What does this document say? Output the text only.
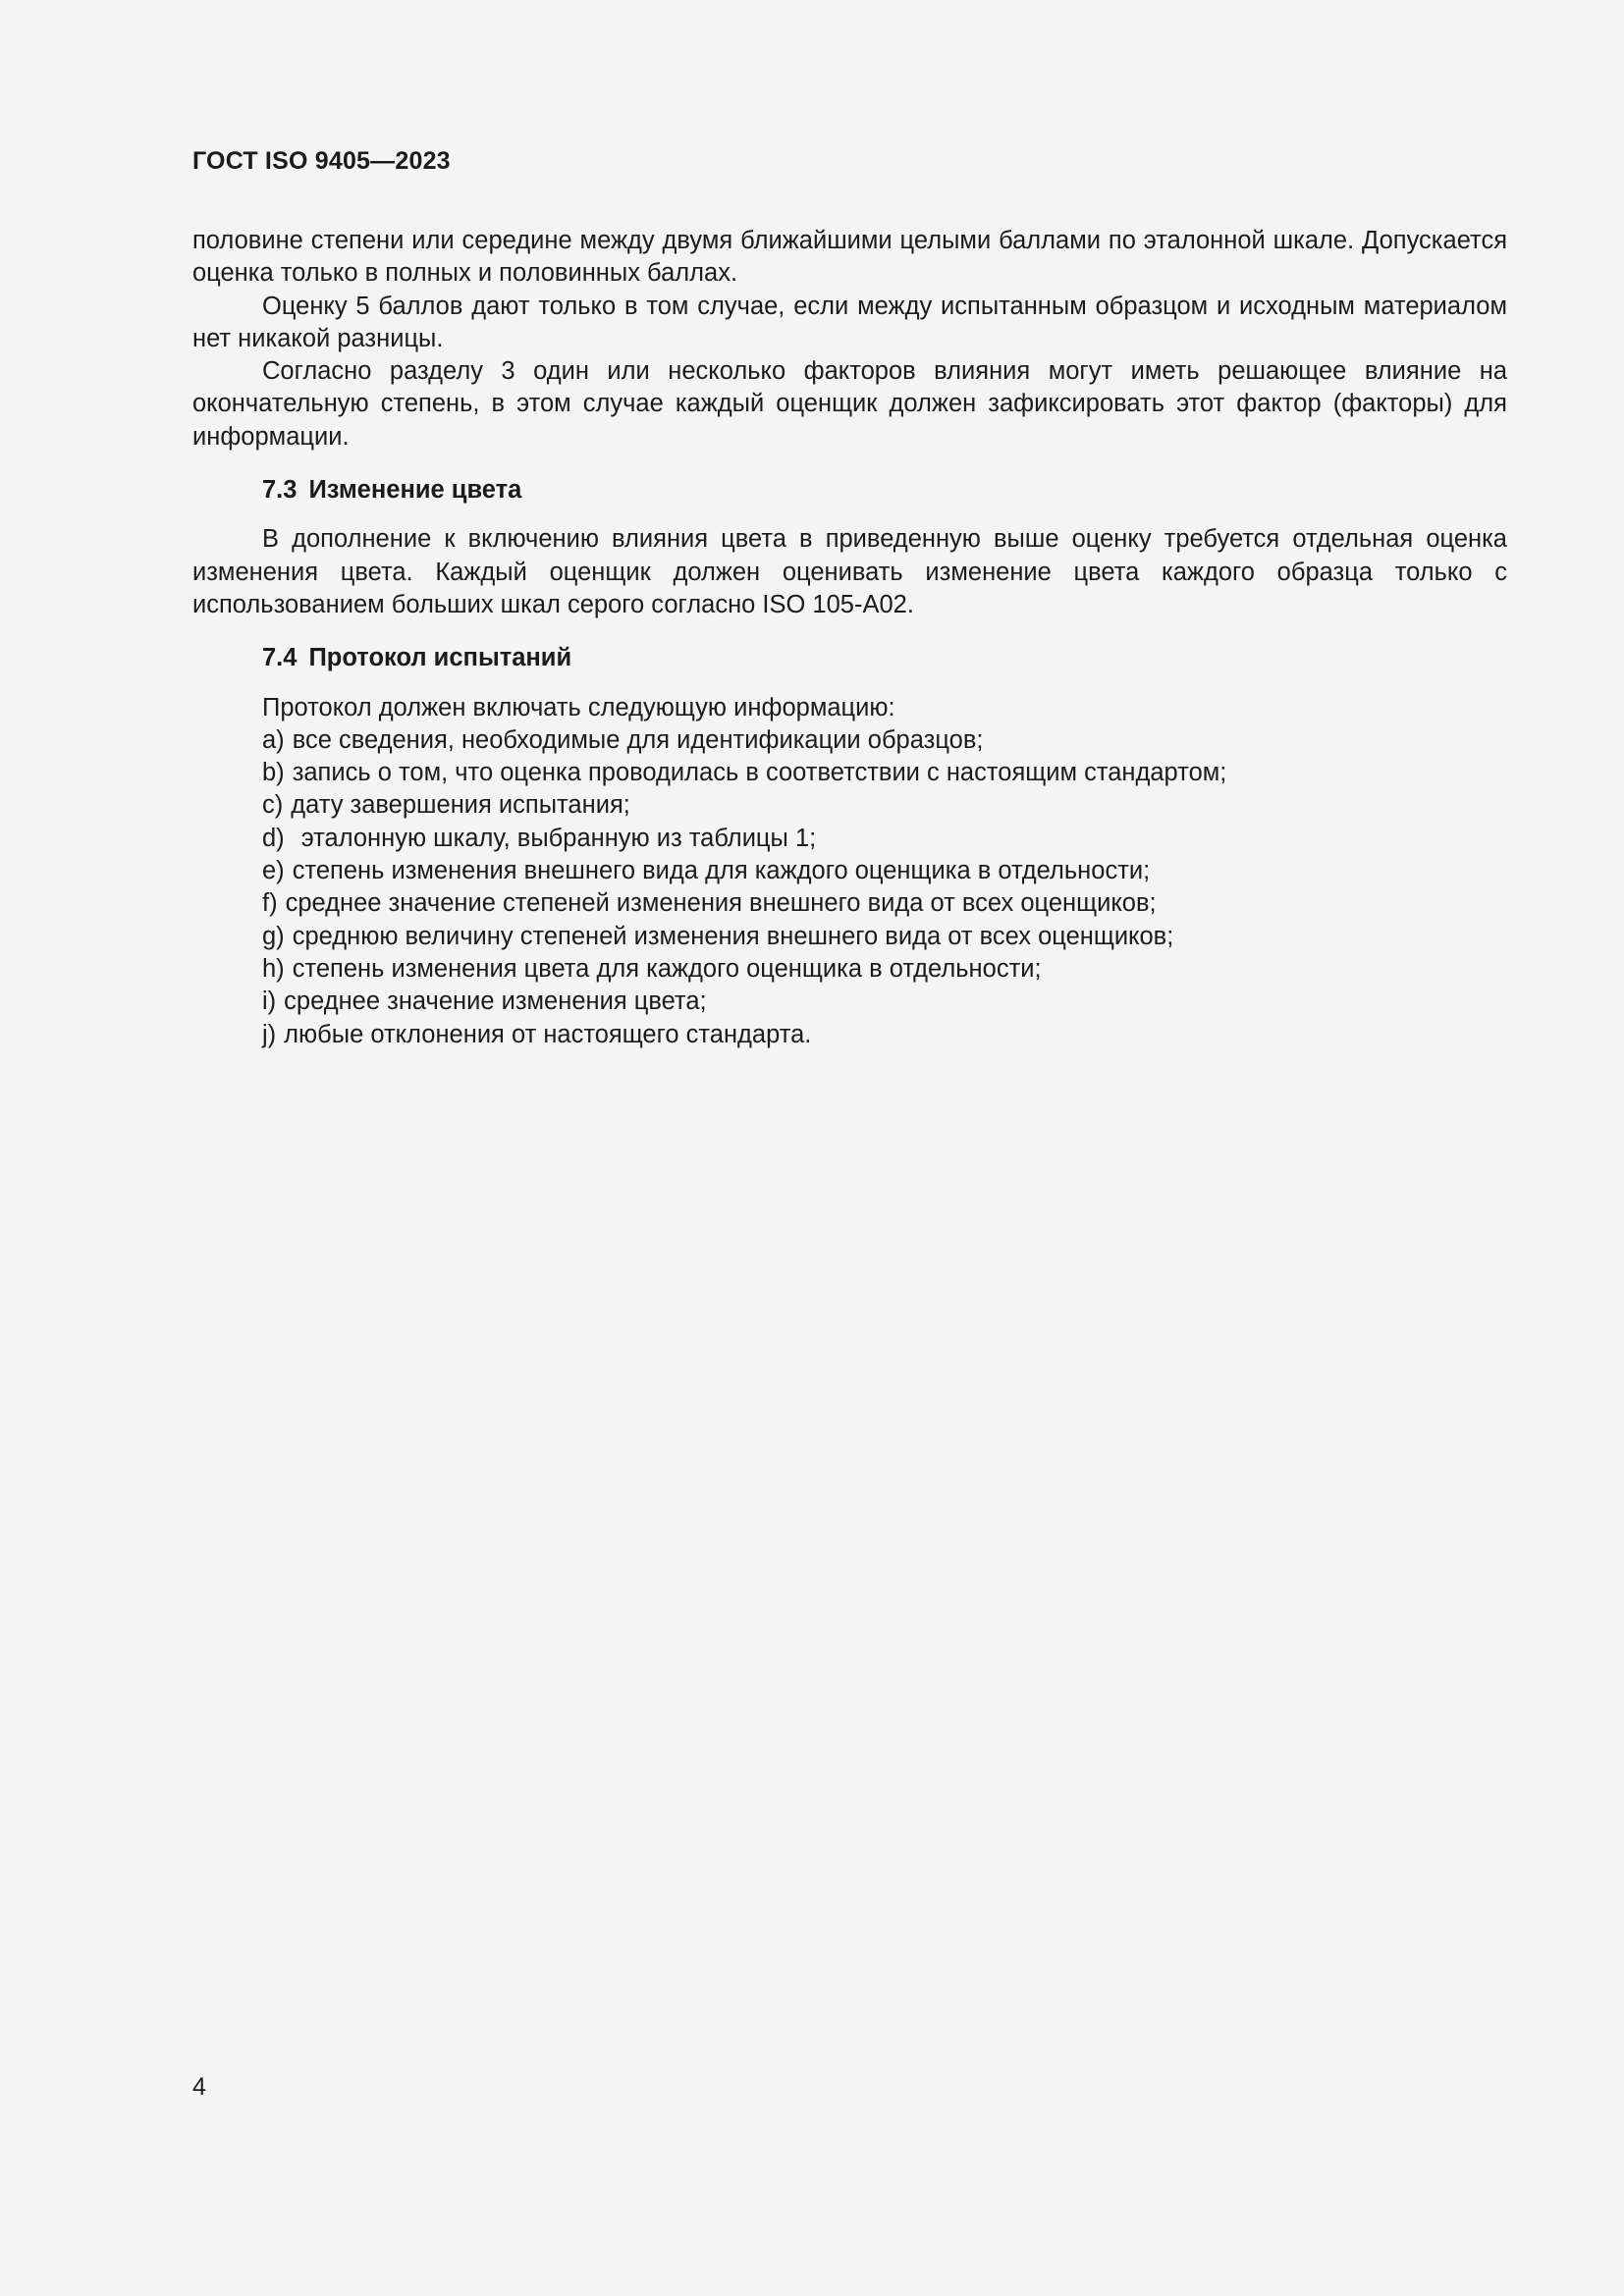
ГОСТ ISO 9405—2023

половине степени или середине между двумя ближайшими целыми баллами по эталонной шкале. Допускается оценка только в полных и половинных баллах.

Оценку 5 баллов дают только в том случае, если между испытанным образцом и исходным материалом нет никакой разницы.

Согласно разделу 3 один или несколько факторов влияния могут иметь решающее влияние на окончательную степень, в этом случае каждый оценщик должен зафиксировать этот фактор (факторы) для информации.

7.3 Изменение цвета

В дополнение к включению влияния цвета в приведенную выше оценку требуется отдельная оценка изменения цвета. Каждый оценщик должен оценивать изменение цвета каждого образца только с использованием больших шкал серого согласно ISO 105-A02.

7.4 Протокол испытаний

Протокол должен включать следующую информацию:

a) все сведения, необходимые для идентификации образцов;
b) запись о том, что оценка проводилась в соответствии с настоящим стандартом;
c) дату завершения испытания;
d) эталонную шкалу, выбранную из таблицы 1;
e) степень изменения внешнего вида для каждого оценщика в отдельности;
f) среднее значение степеней изменения внешнего вида от всех оценщиков;
g) среднюю величину степеней изменения внешнего вида от всех оценщиков;
h) степень изменения цвета для каждого оценщика в отдельности;
i) среднее значение изменения цвета;
j) любые отклонения от настоящего стандарта.
4
